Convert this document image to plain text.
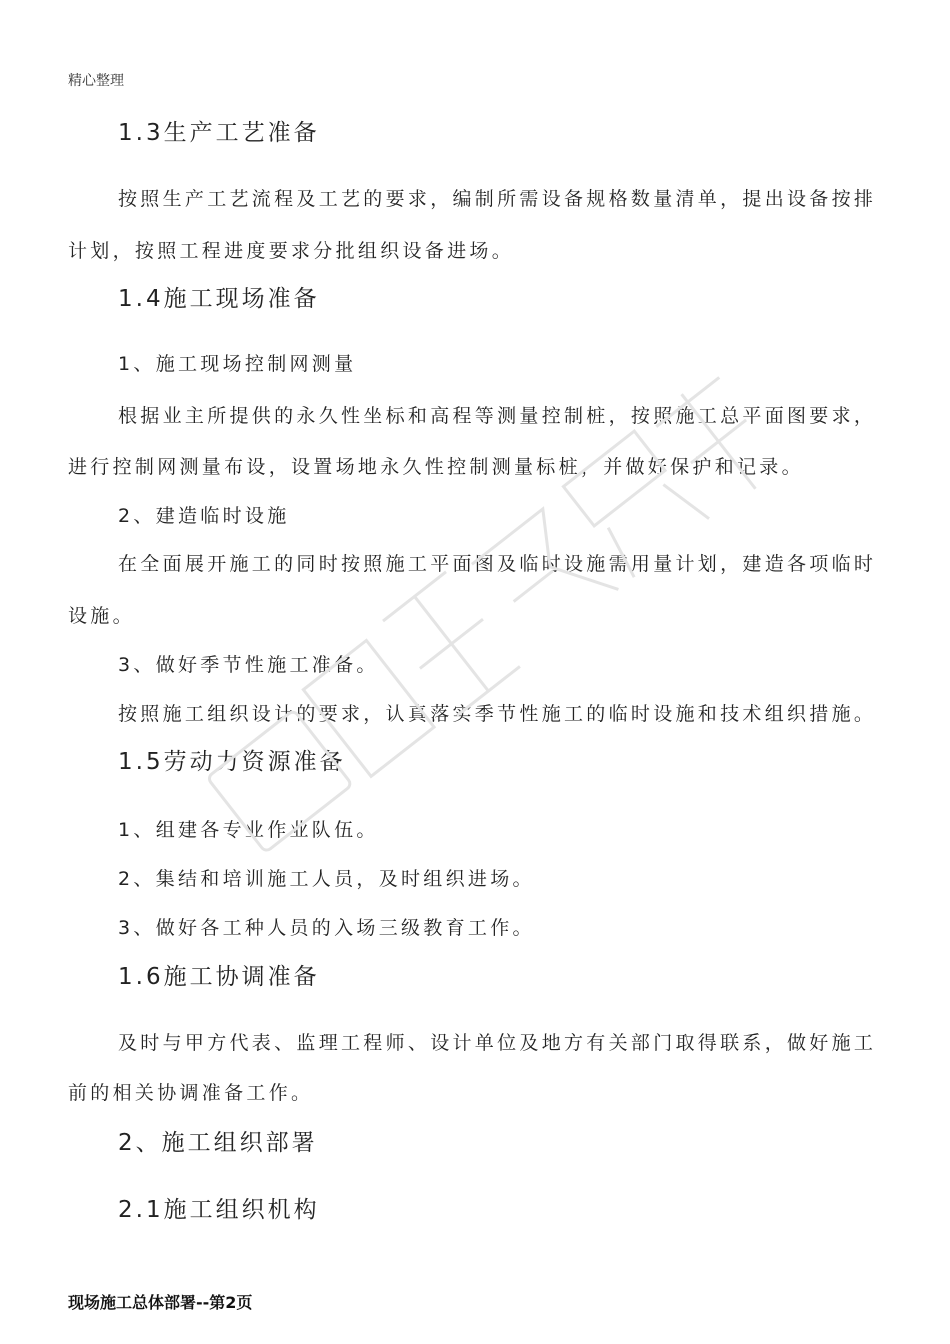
精心整理
1.3生产工艺准备
按照生产工艺流程及工艺的要求，编制所需设备规格数量清单，提出设备按排
计划，按照工程进度要求分批组织设备进场。
1.4施工现场准备
1、施工现场控制网测量
根据业主所提供的永久性坐标和高程等测量控制桩，按照施工总平面图要求，
进行控制网测量布设，设置场地永久性控制测量标桩，并做好保护和记录。
2、建造临时设施
在全面展开施工的同时按照施工平面图及临时设施需用量计划，建造各项临时
设施。
3、做好季节性施工准备。
按照施工组织设计的要求，认真落实季节性施工的临时设施和技术组织措施。
1.5劳动力资源准备
1、组建各专业作业队伍。
2、集结和培训施工人员，及时组织进场。
3、做好各工种人员的入场三级教育工作。
1.6施工协调准备
及时与甲方代表、监理工程师、设计单位及地方有关部门取得联系，做好施工
前的相关协调准备工作。
2、施工组织部署
2.1施工组织机构
现场施工总体部署--第2页
